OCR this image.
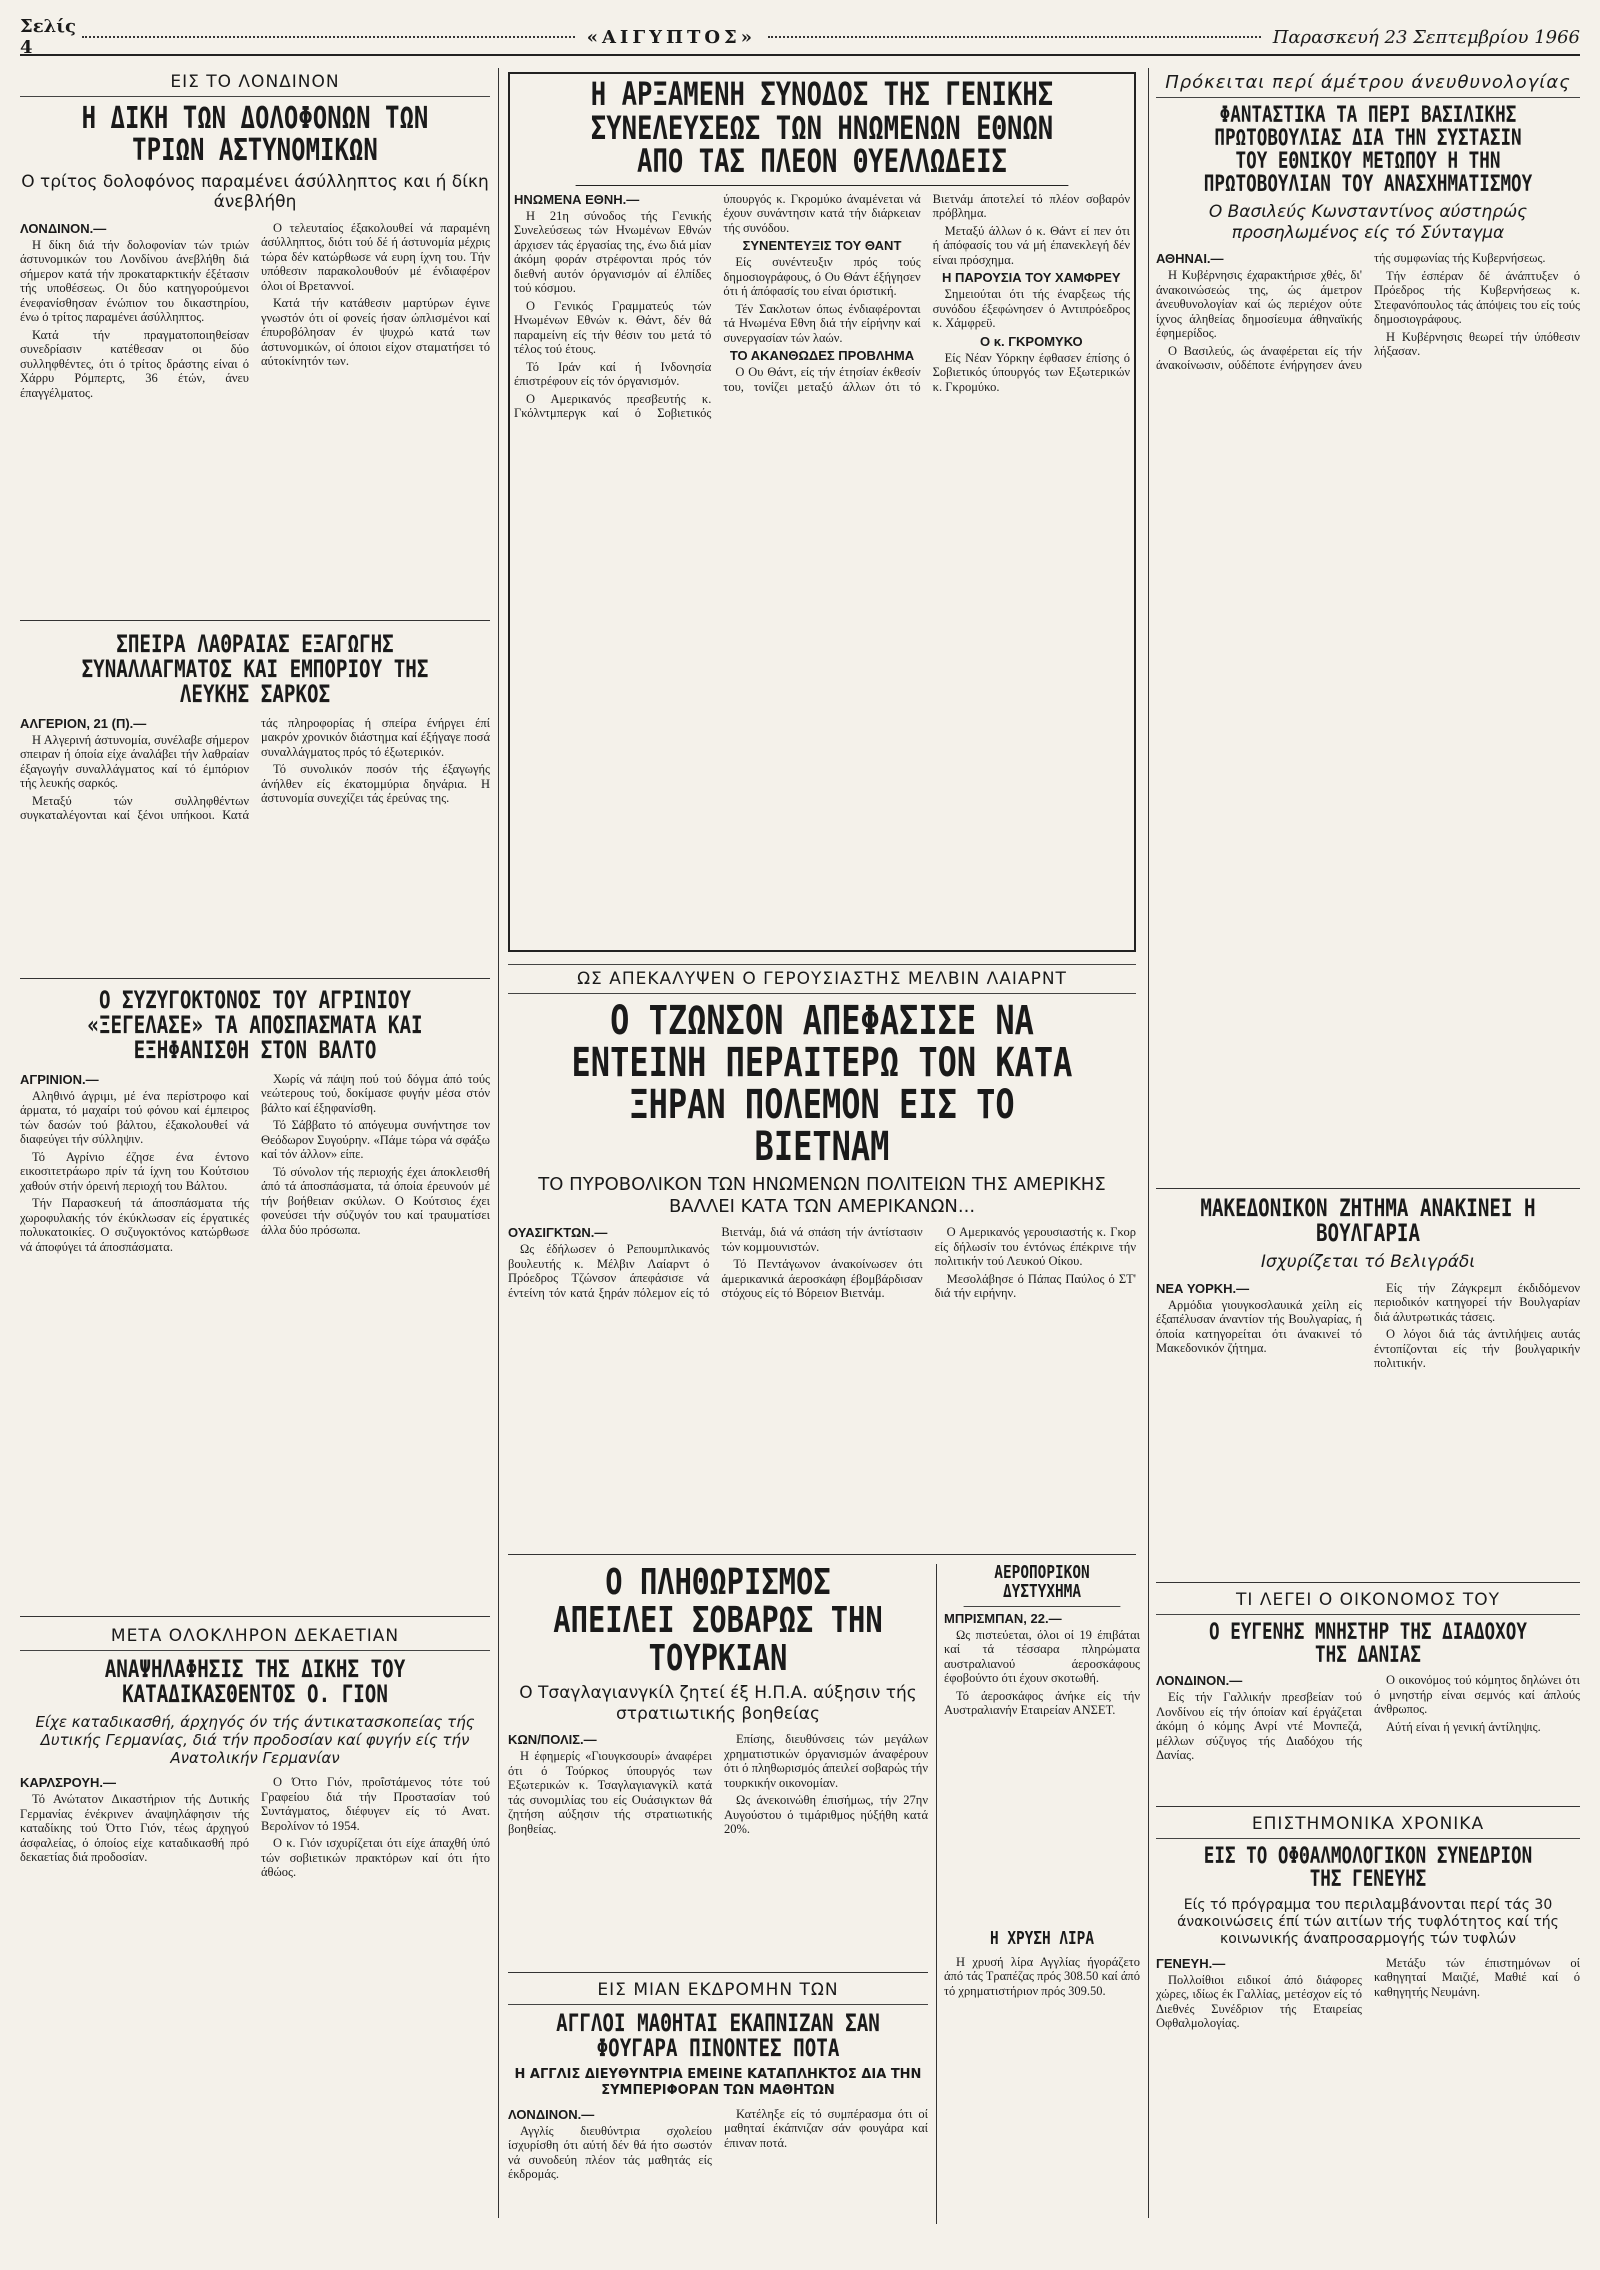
Σελίς 4	«ΑΙΓΥΠΤΟΣ»	Παρασκευή 23 Σεπτεμβρίου 1966
ΕΙΣ ΤΟ ΛΟΝΔΙΝΟΝ
Η ΔΙΚΗ ΤΩΝ ΔΟΛΟΦΟΝΩΝ ΤΩΝ ΤΡΙΩΝ ΑΣΤΥΝΟΜΙΚΩΝ
Ο τρίτος δολοφόνος παραμένει άσύλληπτος και ή δίκη άνεβλήθη
ΛΟΝΔΙΝΟΝ.—

Η δίκη διά τήν δολοφονίαν τών τριών άστυνομικών του Λονδίνου άνεβλήθη διά σήμερον κατά τήν προκαταρκτικήν έξέτασιν τής υποθέσεως. Οι δύο κατηγορούμενοι ένεφανίσθησαν ένώπιον του δικαστηρίου, ένω ό τρίτος παραμένει άσύλληπτος.

Κατά τήν πραγματοποιηθείσαν συνεδρίασιν κατέθεσαν οι δύο συλληφθέντες, ότι ό τρίτος δράστης είναι ό Χάρρυ Ρόμπερτς, 36 έτών, άνευ έπαγγέλματος.

Ο τελευταίος έξακολουθεί νά παραμένη άσύλληπτος, διότι τού δέ ή άστυνομία μέχρις τώρα δέν κατώρθωσε νά ευρη ίχνη του. Τήν υπόθεσιν παρακολουθούν μέ ένδιαφέρον όλοι οί Βρεταννοί.

Κατά τήν κατάθεσιν μαρτύρων έγινε γνωστόν ότι οί φονείς ήσαν ώπλισμένοι καί έπυροβόλησαν έν ψυχρώ κατά των άστυνομικών, οί όποιοι είχον σταματήσει τό αύτοκίνητόν των.

ΣΠΕΙΡΑ ΛΑΘΡΑΙΑΣ ΕΞΑΓΩΓΗΣ ΣΥΝΑΛΛΑΓΜΑΤΟΣ ΚΑΙ ΕΜΠΟΡΙΟΥ ΤΗΣ ΛΕΥΚΗΣ ΣΑΡΚΟΣ
ΑΛΓΕΡΙΟΝ, 21 (Π).—

Η Αλγερινή άστυνομία, συνέλαβε σήμερον σπειραν ή όποία είχε άναλάβει τήν λαθραίαν έξαγωγήν συναλλάγματος καί τό έμπόριον τής λευκής σαρκός.

Μεταξύ τών συλληφθέντων συγκαταλέγονται καί ξένοι υπήκοοι. Κατά τάς πληροφορίας ή σπείρα ένήργει έπί μακρόν χρονικόν διάστημα καί έξήγαγε ποσά συναλλάγματος πρός τό έξωτερικόν.

Τό συνολικόν ποσόν τής έξαγωγής άνήλθεν είς έκατομμύρια δηνάρια. Η άστυνομία συνεχίζει τάς έρεύνας της.

Ο ΣΥΖΥΓΟΚΤΟΝΟΣ ΤΟΥ ΑΓΡΙΝΙΟΥ «ΞΕΓΕΛΑΣΕ» ΤΑ ΑΠΟΣΠΑΣΜΑΤΑ ΚΑΙ ΕΞΗΦΑΝΙΣΘΗ ΣΤΟΝ ΒΑΛΤΟ
ΑΓΡΙΝΙΟΝ.—

Αληθινό άγριμι, μέ ένα περίστροφο καί άρματα, τό μαχαίρι τού φόνου καί έμπειρος τών δασών τού βάλτου, έξακολουθεί νά διαφεύγει τήν σύλληψιν.

Τό Αγρίνιο έζησε ένα έντονο εικοσιτετράωρο πρίν τά ίχνη του Κούτσιου χαθούν στήν όρεινή περιοχή του Βάλτου.

Τήν Παρασκευή τά άποσπάσματα τής χωροφυλακής τόν έκύκλωσαν είς έργατικές πολυκατοικίες. Ο συζυγοκτόνος κατώρθωσε νά άποφύγει τά άποσπάσματα.

Χωρίς νά πάψη πού τού δόγμα άπό τούς νεώτερους τού, δοκίμασε φυγήν μέσα στόν βάλτο καί έξηφανίσθη.

Τό Σάββατο τό απόγευμα συνήντησε τον Θεόδωρον Συγούρην. «Πάμε τώρα νά σφάξω καί τόν άλλον» είπε.

Τό σύνολον τής περιοχής έχει άποκλεισθή άπό τά άποσπάσματα, τά όποία έρευνούν μέ τήν βοήθειαν σκύλων. Ο Κούτσιος έχει φονεύσει τήν σύζυγόν του καί τραυματίσει άλλα δύο πρόσωπα.

ΜΕΤΑ ΟΛΟΚΛΗΡΟΝ ΔΕΚΑΕΤΙΑΝ
ΑΝΑΨΗΛΑΦΗΣΙΣ ΤΗΣ ΔΙΚΗΣ ΤΟΥ ΚΑΤΑΔΙΚΑΣΘΕΝΤΟΣ Ο. ΓΙΟΝ
Είχε καταδικασθή, άρχηγός όν τής άντικατασκοπείας τής Δυτικής Γερμανίας, διά τήν προδοσίαν καί φυγήν είς τήν Ανατολικήν Γερμανίαν
ΚΑΡΛΣΡΟΥΗ.—

Τό Ανώτατον Δικαστήριον τής Δυτικής Γερμανίας ένέκρινεν άναψηλάφησιν τής καταδίκης τού Όττο Γιόν, τέως άρχηγού άσφαλείας, ό όποίος είχε καταδικασθή πρό δεκαετίας διά προδοσίαν.

Ο Όττο Γιόν, προΐστάμενος τότε τού Γραφείου διά τήν Προστασίαν τού Συντάγματος, διέφυγεν είς τό Ανατ. Βερολίνον τό 1954.

Ο κ. Γιόν ισχυρίζεται ότι είχε άπαχθή ύπό τών σοβιετικών πρακτόρων καί ότι ήτο άθώος.

Η ΑΡΞΑΜΕΝΗ ΣΥΝΟΔΟΣ ΤΗΣ ΓΕΝΙΚΗΣ ΣΥΝΕΛΕΥΣΕΩΣ ΤΩΝ ΗΝΩΜΕΝΩΝ ΕΘΝΩΝ ΑΠΟ ΤΑΣ ΠΛΕΟΝ ΘΥΕΛΛΩΔΕΙΣ
ΗΝΩΜΕΝΑ ΕΘΝΗ.—

Η 21η σύνοδος τής Γενικής Συνελεύσεως τών Ηνωμένων Εθνών άρχισεν τάς έργασίας της, ένω διά μίαν άκόμη φοράν στρέφονται πρός τόν διεθνή αυτόν όργανισμόν αί έλπίδες τού κόσμου.

Ο Γενικός Γραμματεύς τών Ηνωμένων Εθνών κ. Θάντ, δέν θά παραμείνη είς τήν θέσιν του μετά τό τέλος τού έτους.

Τό Ιράν καί ή Ινδονησία έπιστρέφουν είς τόν όργανισμόν.

Ο Αμερικανός πρεσβευτής κ. Γκόλντμπεργκ καί ό Σοβιετικός ύπουργός κ. Γκρομύκο άναμένεται νά έχουν συνάντησιν κατά τήν διάρκειαν τής συνόδου.

ΣΥΝΕΝΤΕΥΞΙΣ ΤΟΥ ΘΑΝΤ

Είς συνέντευξιν πρός τούς δημοσιογράφους, ό Ου Θάντ έξήγησεν ότι ή άπόφασίς του είναι όριστική.

Τέν Σακλοτων όπως ένδιαφέρονται τά Ηνωμένα Εθνη διά τήν είρήνην καί συνεργασίαν τών λαών.

ΤΟ ΑΚΑΝΘΩΔΕΣ ΠΡΟΒΛΗΜΑ

Ο Ου Θάντ, είς τήν έτησίαν έκθεσίν του, τονίζει μεταξύ άλλων ότι τό Βιετνάμ άποτελεί τό πλέον σοβαρόν πρόβλημα.

Μεταξύ άλλων ό κ. Θάντ εί πεν ότι ή άπόφασίς του νά μή έπανεκλεγή δέν είναι πρόσχημα.

Η ΠΑΡΟΥΣΙΑ ΤΟΥ ΧΑΜΦΡΕΥ

Σημειούται ότι τής έναρξεως τής συνόδου έξεφώνησεν ό Αντιπρόεδρος κ. Χάμφρεϋ.

Ο κ. ΓΚΡΟΜΥΚΟ

Είς Νέαν Υόρκην έφθασεν έπίσης ό Σοβιετικός ύπουργός των Εξωτερικών κ. Γκρομύκο.

ΩΣ ΑΠΕΚΑΛΥΨΕΝ Ο ΓΕΡΟΥΣΙΑΣΤΗΣ ΜΕΛΒΙΝ ΛΑΙΑΡΝΤ
Ο ΤΖΩΝΣΟΝ ΑΠΕΦΑΣΙΣΕ ΝΑ ΕΝΤΕΙΝΗ ΠΕΡΑΙΤΕΡΩ ΤΟΝ ΚΑΤΑ ΞΗΡΑΝ ΠΟΛΕΜΟΝ ΕΙΣ ΤΟ ΒΙΕΤΝΑΜ
ΤΟ ΠΥΡΟΒΟΛΙΚΟΝ ΤΩΝ ΗΝΩΜΕΝΩΝ ΠΟΛΙΤΕΙΩΝ ΤΗΣ ΑΜΕΡΙΚΗΣ ΒΑΛΛΕΙ ΚΑΤΑ ΤΩΝ ΑΜΕΡΙΚΑΝΩΝ...
ΟΥΑΣΙΓΚΤΩΝ.—

Ως έδήλωσεν ό Ρεπουμπλικανός βουλευτής κ. Μέλβιν Λαίαρντ ό Πρόεδρος Τζώνσον άπεφάσισε νά έντείνη τόν κατά ξηράν πόλεμον είς τό Βιετνάμ, διά νά σπάση τήν άντίστασιν τών κομμουνιστών.

Τό Πεντάγωνον άνακοίνωσεν ότι άμερικανικά άεροσκάφη έβομβάρδισαν στόχους είς τό Βόρειον Βιετνάμ.

Ο Αμερικανός γερουσιαστής κ. Γκορ είς δήλωσίν του έντόνως έπέκρινε τήν πολιτικήν τού Λευκού Οίκου.

Μεσολάβησε ό Πάπας Παύλος ό ΣΤ' διά τήν ειρήνην.

Ο ΠΛΗΘΩΡΙΣΜΟΣ ΑΠΕΙΛΕΙ ΣΟΒΑΡΩΣ ΤΗΝ ΤΟΥΡΚΙΑΝ
Ο Τσαγλαγιανγκίλ ζητεί έξ Η.Π.Α. αύξησιν τής στρατιωτικής βοηθείας
ΚΩΝ/ΠΟΛΙΣ.—

Η έφημερίς «Γιουγκσουρί» άναφέρει ότι ό Τούρκος ύπουργός των Εξωτερικών κ. Τσαγλαγιανγκίλ κατά τάς συνομιλίας του είς Ουάσιγκτων θά ζητήση αύξησιν τής στρατιωτικής βοηθείας.

Επίσης, διευθύνσεις τών μεγάλων χρηματιστικών όργανισμών άναφέρουν ότι ό πληθωρισμός άπειλεί σοβαρώς τήν τουρκικήν οικονομίαν.

Ως άνεκοινώθη έπισήμως, τήν 27ην Αυγούστου ό τιμάριθμος ηύξήθη κατά 20%.

ΑΕΡΟΠΟΡΙΚΟΝ ΔΥΣΤΥΧΗΜΑ
ΜΠΡΙΣΜΠΑΝ, 22.—

Ως πιστεύεται, όλοι οί 19 έπιβάται καί τά τέσσαρα πληρώματα αυστραλιανού άεροσκάφους έφοβούντο ότι έχουν σκοτωθή.

Τό άεροσκάφος άνήκε είς τήν Αυστραλιανήν Εταιρείαν ΑΝΣΕΤ.

Η ΧΡΥΣΗ ΛΙΡΑ

Η χρυσή λίρα Αγγλίας ήγοράζετο άπό τάς Τραπέζας πρός 308.50 καί άπό τό χρηματιστήριον πρός 309.50.

ΕΙΣ ΜΙΑΝ ΕΚΔΡΟΜΗΝ ΤΩΝ
ΑΓΓΛΟΙ ΜΑΘΗΤΑΙ ΕΚΑΠΝΙΖΑΝ ΣΑΝ ΦΟΥΓΑΡΑ ΠΙΝΟΝΤΕΣ ΠΟΤΑ
Η ΑΓΓΛΙΣ ΔΙΕΥΘΥΝΤΡΙΑ ΕΜΕΙΝΕ ΚΑΤΑΠΛΗΚΤΟΣ ΔΙΑ ΤΗΝ ΣΥΜΠΕΡΙΦΟΡΑΝ ΤΩΝ ΜΑΘΗΤΩΝ
ΛΟΝΔΙΝΟΝ.—

Αγγλίς διευθύντρια σχολείου ίσχυρίσθη ότι αύτή δέν θά ήτο σωστόν νά συνοδεύη πλέον τάς μαθητάς είς έκδρομάς.

Κατέληξε είς τό συμπέρασμα ότι οί μαθηταί έκάπνιζαν σάν φουγάρα καί έπιναν ποτά.

Πρόκειται περί άμέτρου άνευθυνολογίας
ΦΑΝΤΑΣΤΙΚΑ ΤΑ ΠΕΡΙ ΒΑΣΙΛΙΚΗΣ ΠΡΩΤΟΒΟΥΛΙΑΣ ΔΙΑ ΤΗΝ ΣΥΣΤΑΣΙΝ ΤΟΥ ΕΘΝΙΚΟΥ ΜΕΤΩΠΟΥ Η ΤΗΝ ΠΡΩΤΟΒΟΥΛΙΑΝ ΤΟΥ ΑΝΑΣΧΗΜΑΤΙΣΜΟΥ
Ο Βασιλεύς Κωνσταντίνος αύστηρώς προσηλωμένος είς τό Σύνταγμα
ΑΘΗΝΑΙ.—

Η Κυβέρνησις έχαρακτήρισε χθές, δι' άνακοινώσεώς της, ώς άμετρον άνευθυνολογίαν καί ώς περιέχον ούτε ίχνος άληθείας δημοσίευμα άθηναϊκής έφημερίδος.

Ο Βασιλεύς, ώς άναφέρεται είς τήν άνακοίνωσιν, ούδέποτε ένήργησεν άνευ τής συμφωνίας τής Κυβερνήσεως.

Τήν έσπέραν δέ άνάπτυξεν ό Πρόεδρος τής Κυβερνήσεως κ. Στεφανόπουλος τάς άπόψεις του είς τούς δημοσιογράφους.

Η Κυβέρνησις θεωρεί τήν ύπόθεσιν λήξασαν.

ΜΑΚΕΔΟΝΙΚΟΝ ΖΗΤΗΜΑ ΑΝΑΚΙΝΕΙ Η ΒΟΥΛΓΑΡΙΑ
Ισχυρίζεται τό Βελιγράδι
ΝΕΑ ΥΟΡΚΗ.—

Αρμόδια γιουγκοσλαυικά χείλη είς έξαπέλυσαν άναντίον τής Βουλγαρίας, ή όποία κατηγορείται ότι άνακινεί τό Μακεδονικόν ζήτημα.

Είς τήν Ζάγκρεμπ έκδιδόμενον περιοδικόν κατηγορεί τήν Βουλγαρίαν διά άλυτρωτικάς τάσεις.

Ο λόγοι διά τάς άντιλήψεις αυτάς έντοπίζονται είς τήν βουλγαρικήν πολιτικήν.

ΤΙ ΛΕΓΕΙ Ο ΟΙΚΟΝΟΜΟΣ ΤΟΥ
Ο ΕΥΓΕΝΗΣ ΜΝΗΣΤΗΡ ΤΗΣ ΔΙΑΔΟΧΟΥ ΤΗΣ ΔΑΝΙΑΣ
ΛΟΝΔΙΝΟΝ.—

Είς τήν Γαλλικήν πρεσβείαν τού Λονδίνου είς τήν όποίαν καί έργάζεται άκόμη ό κόμης Ανρί ντέ Μονπεζά, μέλλων σύζυγος τής Διαδόχου τής Δανίας.

Ο οικονόμος τού κόμητος δηλώνει ότι ό μνηστήρ είναι σεμνός καί άπλούς άνθρωπος.

Αύτή είναι ή γενική άντίληψις.

ΕΠΙΣΤΗΜΟΝΙΚΑ ΧΡΟΝΙΚΑ
ΕΙΣ ΤΟ ΟΦΘΑΛΜΟΛΟΓΙΚΟΝ ΣΥΝΕΔΡΙΟΝ ΤΗΣ ΓΕΝΕΥΗΣ
Είς τό πρόγραμμα του περιλαμβάνονται περί τάς 30 άνακοινώσεις έπί τών αιτίων τής τυφλότητος καί τής κοινωνικής άναπροσαρμογής τών τυφλών
ΓΕΝΕΥΗ.—

Πολλοίθιοι ειδικοί άπό διάφορες χώρες, ιδίως έκ Γαλλίας, μετέσχον είς τό Διεθνές Συνέδριον τής Εταιρείας Οφθαλμολογίας.

Μετάξυ τών έπιστημόνων οί καθηγηταί Μαιζιέ, Μαθιέ καί ό καθηγητής Νευμάνη.
